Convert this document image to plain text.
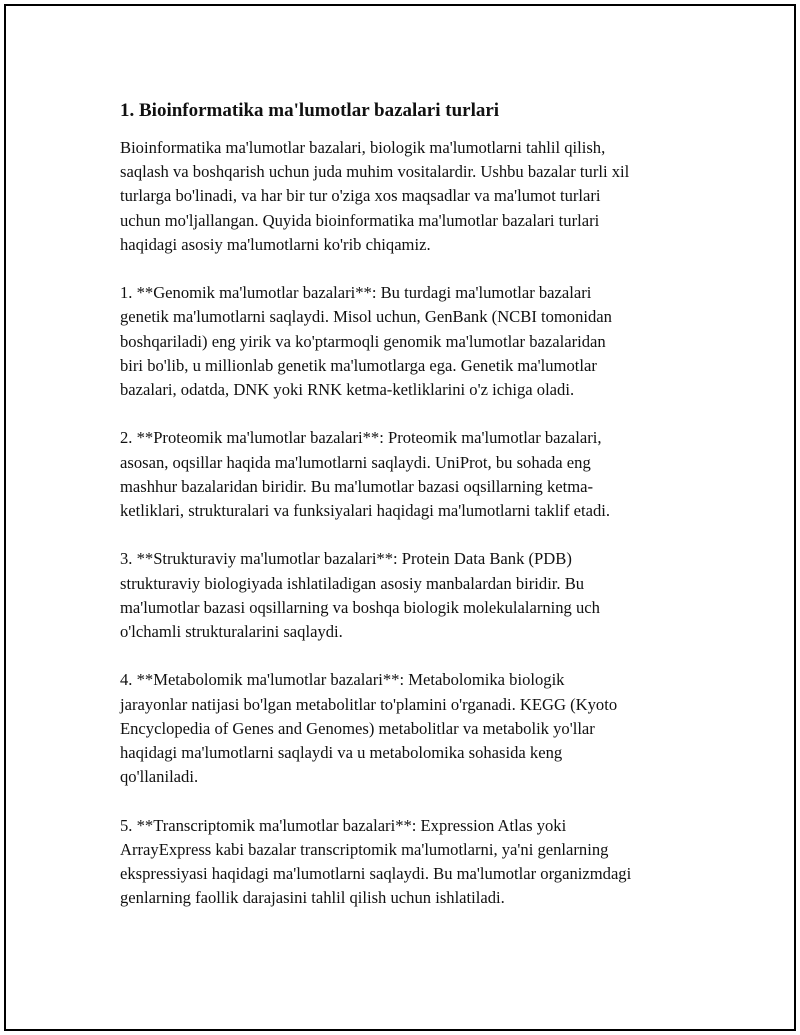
1. Bioinformatika ma'lumotlar bazalari turlari
Bioinformatika ma'lumotlar bazalari, biologik ma'lumotlarni tahlil qilish,
saqlash va boshqarish uchun juda muhim vositalardir. Ushbu bazalar turli xil
turlarga bo'linadi, va har bir tur o'ziga xos maqsadlar va ma'lumot turlari
uchun mo'ljallangan. Quyida bioinformatika ma'lumotlar bazalari turlari
haqidagi asosiy ma'lumotlarni ko'rib chiqamiz.
1. **Genomik ma'lumotlar bazalari**: Bu turdagi ma'lumotlar bazalari
genetik ma'lumotlarni saqlaydi. Misol uchun, GenBank (NCBI tomonidan
boshqariladi) eng yirik va ko'ptarmoqli genomik ma'lumotlar bazalaridan
biri bo'lib, u millionlab genetik ma'lumotlarga ega. Genetik ma'lumotlar
bazalari, odatda, DNK yoki RNK ketma-ketliklarini o'z ichiga oladi.
2. **Proteomik ma'lumotlar bazalari**: Proteomik ma'lumotlar bazalari,
asosan, oqsillar haqida ma'lumotlarni saqlaydi. UniProt, bu sohada eng
mashhur bazalaridan biridir. Bu ma'lumotlar bazasi oqsillarning ketma-
ketliklari, strukturalari va funksiyalari haqidagi ma'lumotlarni taklif etadi.
3. **Strukturaviy ma'lumotlar bazalari**: Protein Data Bank (PDB)
strukturaviy biologiyada ishlatiladigan asosiy manbalardan biridir. Bu
ma'lumotlar bazasi oqsillarning va boshqa biologik molekulalarning uch
o'lchamli strukturalarini saqlaydi.
4. **Metabolomik ma'lumotlar bazalari**: Metabolomika biologik
jarayonlar natijasi bo'lgan metabolitlar to'plamini o'rganadi. KEGG (Kyoto
Encyclopedia of Genes and Genomes) metabolitlar va metabolik yo'llar
haqidagi ma'lumotlarni saqlaydi va u metabolomika sohasida keng
qo'llaniladi.
5. **Transcriptomik ma'lumotlar bazalari**: Expression Atlas yoki
ArrayExpress kabi bazalar transcriptomik ma'lumotlarni, ya'ni genlarning
ekspressiyasi haqidagi ma'lumotlarni saqlaydi. Bu ma'lumotlar organizmdagi
genlarning faollik darajasini tahlil qilish uchun ishlatiladi.
